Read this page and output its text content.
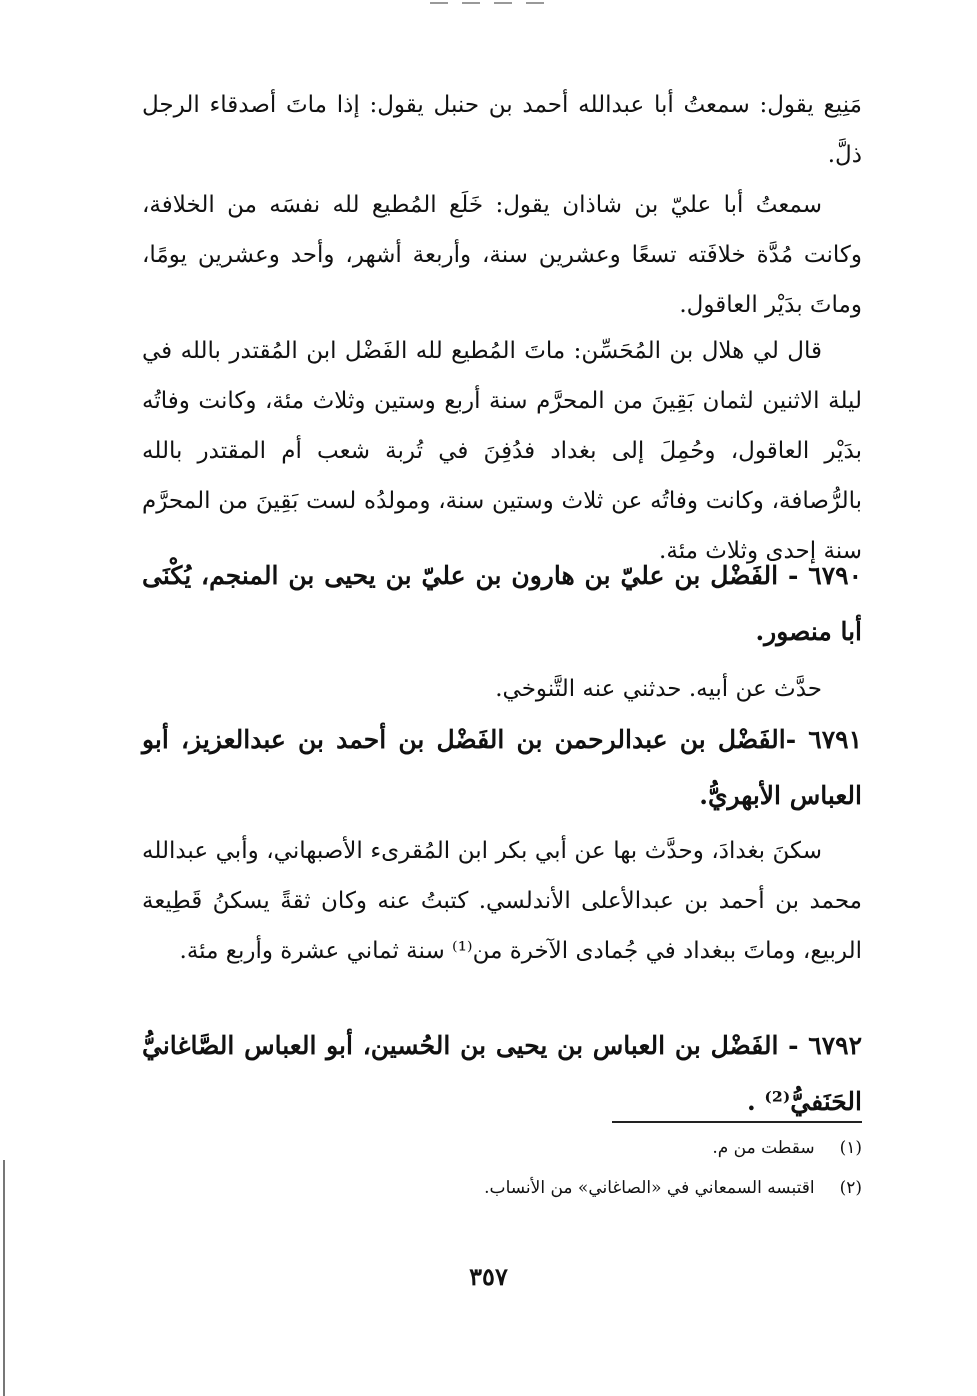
مَنِيع يقول: سمعتُ أبا عبدالله أحمد بن حنبل يقول: إذا ماتَ أصدقاء الرجل ذلَّ.

سمعتُ أبا عليّ بن شاذان يقول: خَلَع المُطيع لله نفسَه من الخلافة، وكانت مُدَّة خلافَته تسعًا وعشرين سنة، وأربعة أشهر، وأحد وعشرين يومًا، وماتَ بدَيْر العاقول.

قال لي هلال بن المُحَسِّن: ماتَ المُطيع لله الفَضْل ابن المُقتدر بالله في ليلة الاثنين لثمان بَقِينَ من المحرَّم سنة أربع وستين وثلاث مئة، وكانت وفاتُه بدَيْر العاقول، وحُمِلَ إلى بغداد فدُفِنَ في تُربة شعب أم المقتدر بالله بالرُّصافة، وكانت وفاتُه عن ثلاث وستين سنة، ومولدُه لست بَقِينَ من المحرَّم سنة إحدى وثلاث مئة.

٦٧٩٠ - الفَضْل بن عليّ بن هارون بن عليّ بن يحيى بن المنجم، يُكْنَى أبا منصور.

حدَّث عن أبيه. حدثني عنه التَّنوخي.

٦٧٩١ -الفَضْل بن عبدالرحمن بن الفَضْل بن أحمد بن عبدالعزيز، أبو العباس الأبهريُّ.

سكنَ بغدادَ، وحدَّث بها عن أبي بكر ابن المُقرىء الأصبهاني، وأبي عبدالله محمد بن أحمد بن عبدالأعلى الأندلسي. كتبتُ عنه وكان ثقةً يسكنُ قَطِيعة الربيع، وماتَ ببغداد في جُمادى الآخرة من⁽¹⁾ سنة ثماني عشرة وأربع مئة.

٦٧٩٢ - الفَضْل بن العباس بن يحيى بن الحُسين، أبو العباس الصَّاغانيُّ الحَنَفيُّ⁽²⁾ .

(١) سقطت من م.

(٢) اقتبسه السمعاني في «الصاغاني» من الأنساب.

٣٥٧
